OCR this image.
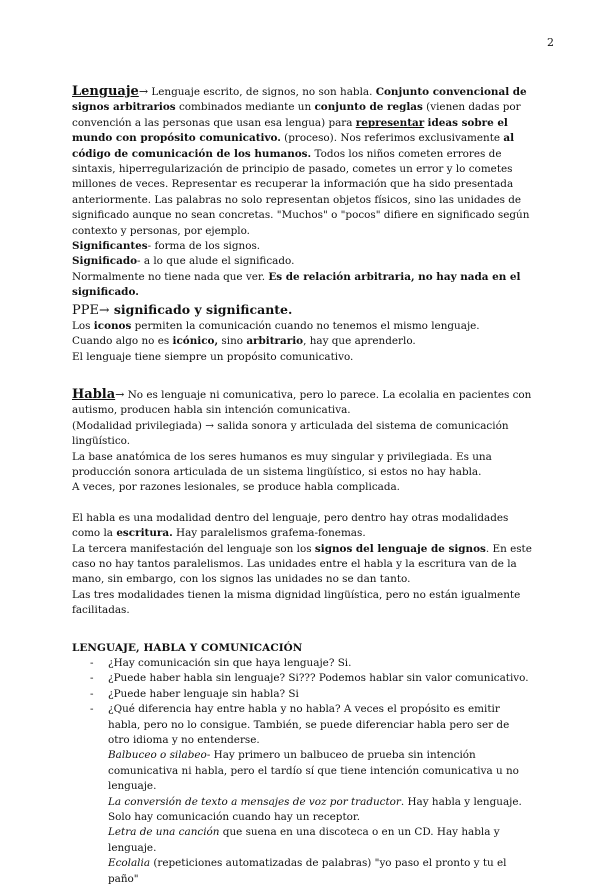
2

Lenguaje→ Lenguaje escrito, de signos, no son habla. Conjunto convencional de signos arbitrarios combinados mediante un conjunto de reglas (vienen dadas por convención a las personas que usan esa lengua) para representar ideas sobre el mundo con propósito comunicativo. (proceso). Nos referimos exclusivamente al código de comunicación de los humanos. Todos los niños cometen errores de sintaxis, hiperregularización de principio de pasado, cometes un error y lo cometes millones de veces. Representar es recuperar la información que ha sido presentada anteriormente. Las palabras no solo representan objetos físicos, sino las unidades de significado aunque no sean concretas. "Muchos" o "pocos" difiere en significado según contexto y personas, por ejemplo.

Significantes- forma de los signos.

Significado- a lo que alude el significado.

Normalmente no tiene nada que ver. Es de relación arbitraria, no hay nada en el significado.

PPE→ significado y significante.

Los iconos permiten la comunicación cuando no tenemos el mismo lenguaje.

Cuando algo no es icónico, sino arbitrario, hay que aprenderlo.

El lenguaje tiene siempre un propósito comunicativo.

Habla→ No es lenguaje ni comunicativa, pero lo parece. La ecolalia en pacientes con autismo, producen habla sin intención comunicativa.

(Modalidad privilegiada) → salida sonora y articulada del sistema de comunicación lingüístico.

La base anatómica de los seres humanos es muy singular y privilegiada. Es una producción sonora articulada de un sistema lingüístico, si estos no hay habla.

A veces, por razones lesionales, se produce habla complicada.

El habla es una modalidad dentro del lenguaje, pero dentro hay otras modalidades como la escritura. Hay paralelismos grafema-fonemas.

La tercera manifestación del lenguaje son los signos del lenguaje de signos. En este caso no hay tantos paralelismos. Las unidades entre el habla y la escritura van de la mano, sin embargo, con los signos las unidades no se dan tanto.

Las tres modalidades tienen la misma dignidad lingüística, pero no están igualmente facilitadas.

LENGUAJE, HABLA Y COMUNICACIÓN

- ¿Hay comunicación sin que haya lenguaje? Si.
- ¿Puede haber habla sin lenguaje? Si??? Podemos hablar sin valor comunicativo.
- ¿Puede haber lenguaje sin habla? Si
- ¿Qué diferencia hay entre habla y no habla? A veces el propósito es emitir habla, pero no lo consigue. También, se puede diferenciar habla pero ser de otro idioma y no entenderse.

Balbuceo o silabeo- Hay primero un balbuceo de prueba sin intención comunicativa ni habla, pero el tardío sí que tiene intención comunicativa u no lenguaje.

La conversión de texto a mensajes de voz por traductor. Hay habla y lenguaje. Solo hay comunicación cuando hay un receptor.

Letra de una canción que suena en una discoteca o en un CD. Hay habla y lenguaje.

Ecolalia (repeticiones automatizadas de palabras) "yo paso el pronto y tu el paño"
